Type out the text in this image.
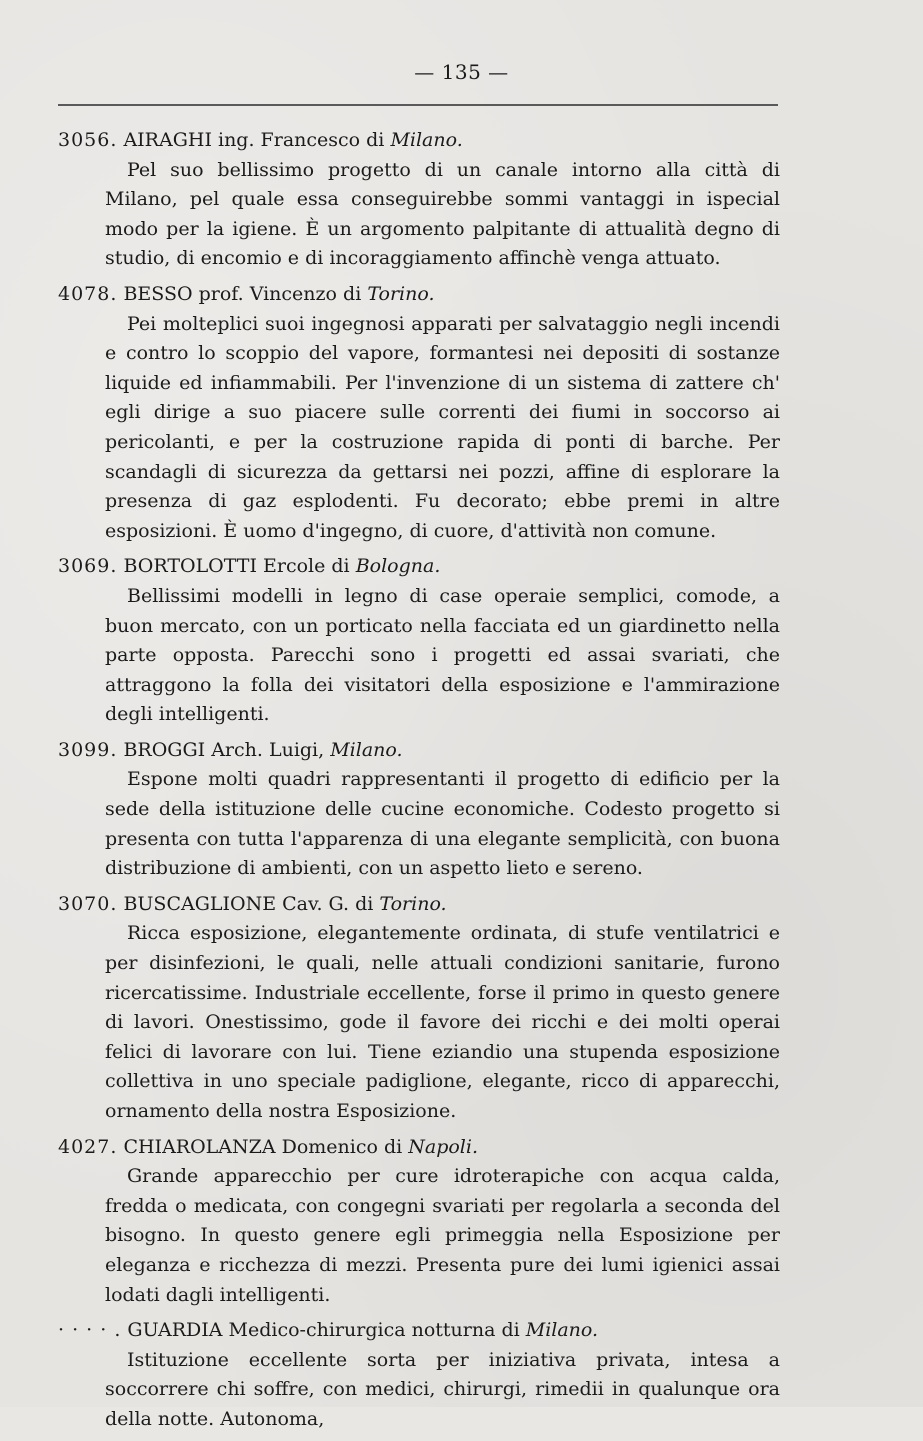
— 135 —
3056. AIRAGHI ing. Francesco di Milano.
Pel suo bellissimo progetto di un canale intorno alla città di Milano, pel quale essa conseguirebbe sommi vantaggi in ispecial modo per la igiene. È un argomento palpitante di attualità degno di studio, di encomio e di incoraggiamento affinchè venga attuato.
4078. BESSO prof. Vincenzo di Torino.
Pei molteplici suoi ingegnosi apparati per salvataggio negli incendi e contro lo scoppio del vapore, formantesi nei depositi di sostanze liquide ed infiammabili. Per l'invenzione di un sistema di zattere ch' egli dirige a suo piacere sulle correnti dei fiumi in soccorso ai pericolanti, e per la costruzione rapida di ponti di barche. Per scandagli di sicurezza da gettarsi nei pozzi, affine di esplorare la presenza di gaz esplodenti. Fu decorato; ebbe premi in altre esposizioni. È uomo d'ingegno, di cuore, d'attività non comune.
3069. BORTOLOTTI Ercole di Bologna.
Bellissimi modelli in legno di case operaie semplici, comode, a buon mercato, con un porticato nella facciata ed un giardinetto nella parte opposta. Parecchi sono i progetti ed assai svariati, che attraggono la folla dei visitatori della esposizione e l'ammirazione degli intelligenti.
3099. BROGGI Arch. Luigi, Milano.
Espone molti quadri rappresentanti il progetto di edificio per la sede della istituzione delle cucine economiche. Codesto progetto si presenta con tutta l'apparenza di una elegante semplicità, con buona distribuzione di ambienti, con un aspetto lieto e sereno.
3070. BUSCAGLIONE Cav. G. di Torino.
Ricca esposizione, elegantemente ordinata, di stufe ventilatrici e per disinfezioni, le quali, nelle attuali condizioni sanitarie, furono ricercatissime. Industriale eccellente, forse il primo in questo genere di lavori. Onestissimo, gode il favore dei ricchi e dei molti operai felici di lavorare con lui. Tiene eziandio una stupenda esposizione collettiva in uno speciale padiglione, elegante, ricco di apparecchi, ornamento della nostra Esposizione.
4027. CHIAROLANZA Domenico di Napoli.
Grande apparecchio per cure idroterapiche con acqua calda, fredda o medicata, con congegni svariati per regolarla a seconda del bisogno. In questo genere egli primeggia nella Esposizione per eleganza e ricchezza di mezzi. Presenta pure dei lumi igienici assai lodati dagli intelligenti.
· · · · . GUARDIA Medico-chirurgica notturna di Milano.
Istituzione eccellente sorta per iniziativa privata, intesa a soccorrere chi soffre, con medici, chirurgi, rimedii in qualunque ora della notte. Autonoma,
